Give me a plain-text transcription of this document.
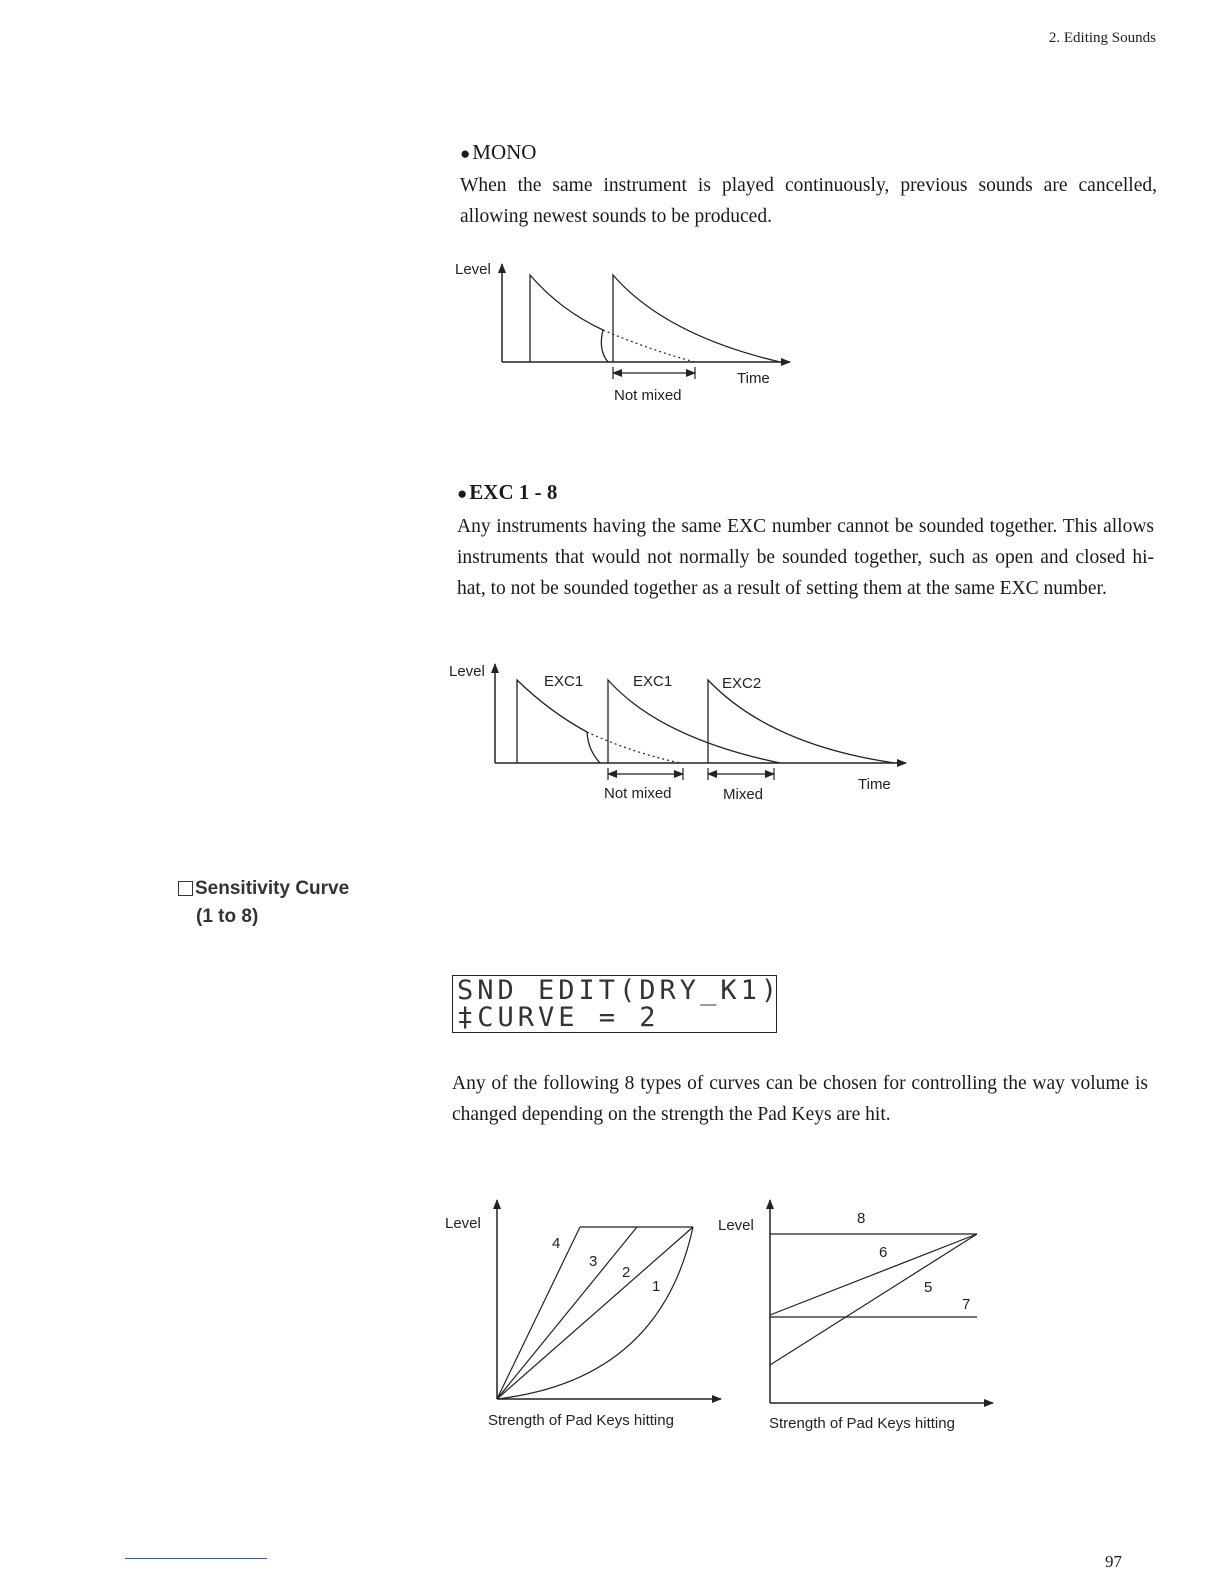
2. Editing Sounds
●MONO

When the same instrument is played continuously, previous sounds are cancelled, allowing newest sounds to be produced.

Level
Time
Not mixed
●EXC 1 - 8

Any instruments having the same EXC number cannot be sounded together. This allows instruments that would not normally be sounded together, such as open and closed hi-hat, to not be sounded together as a result of setting them at the same EXC number.

Level
EXC1	EXC1	EXC2
Not mixed	Mixed
Time
Sensitivity Curve
(1 to 8)
SND EDIT(DRY_K1)
‡CURVE = 2

Any of the following 8 types of curves can be chosen for controlling the way volume is changed depending on the strength the Pad Keys are hit.

Level
4
3
2
1
Strength of Pad Keys hitting
Level	8
6
5
7
Strength of Pad Keys hitting
97
